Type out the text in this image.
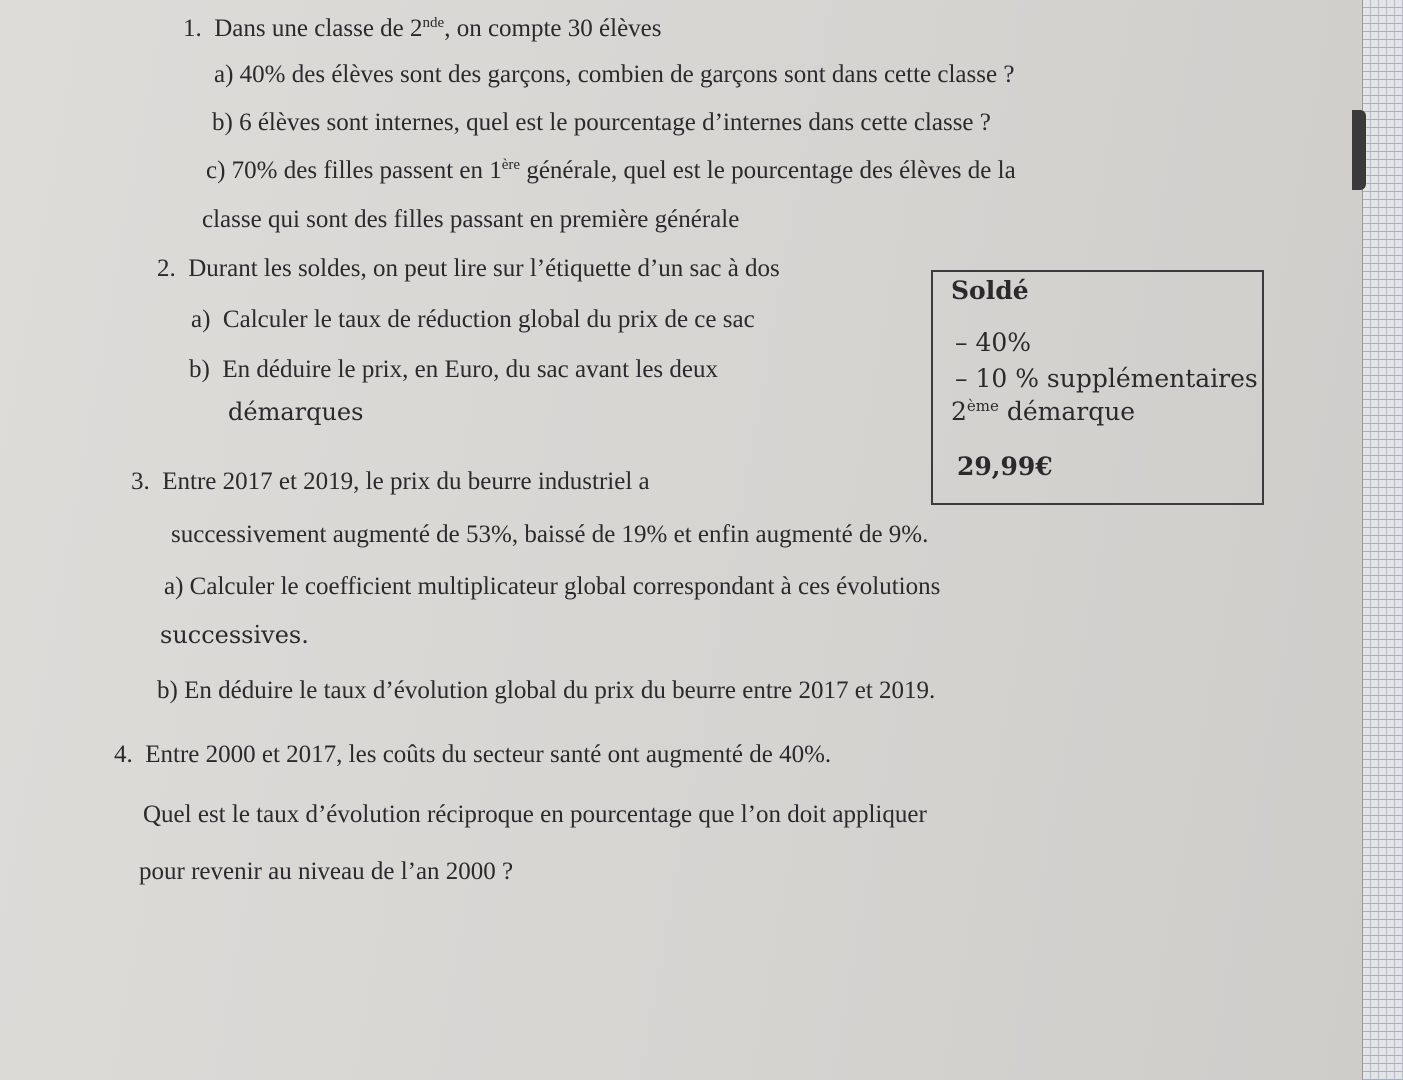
1. Dans une classe de 2nde, on compte 30 élèves
a) 40% des élèves sont des garçons, combien de garçons sont dans cette classe ?
b) 6 élèves sont internes, quel est le pourcentage d’internes dans cette classe ?
c) 70% des filles passent en 1ère générale, quel est le pourcentage des élèves de la
classe qui sont des filles passant en première générale
2. Durant les soldes, on peut lire sur l’étiquette d’un sac à dos
a) Calculer le taux de réduction global du prix de ce sac
b) En déduire le prix, en Euro, du sac avant les deux
démarques
Soldé
– 40%
– 10 % supplémentaires
2ème démarque
29,99€
3. Entre 2017 et 2019, le prix du beurre industriel a
successivement augmenté de 53%, baissé de 19% et enfin augmenté de 9%.
a) Calculer le coefficient multiplicateur global correspondant à ces évolutions
successives.
b) En déduire le taux d’évolution global du prix du beurre entre 2017 et 2019.
4. Entre 2000 et 2017, les coûts du secteur santé ont augmenté de 40%.
Quel est le taux d’évolution réciproque en pourcentage que l’on doit appliquer
pour revenir au niveau de l’an 2000 ?
